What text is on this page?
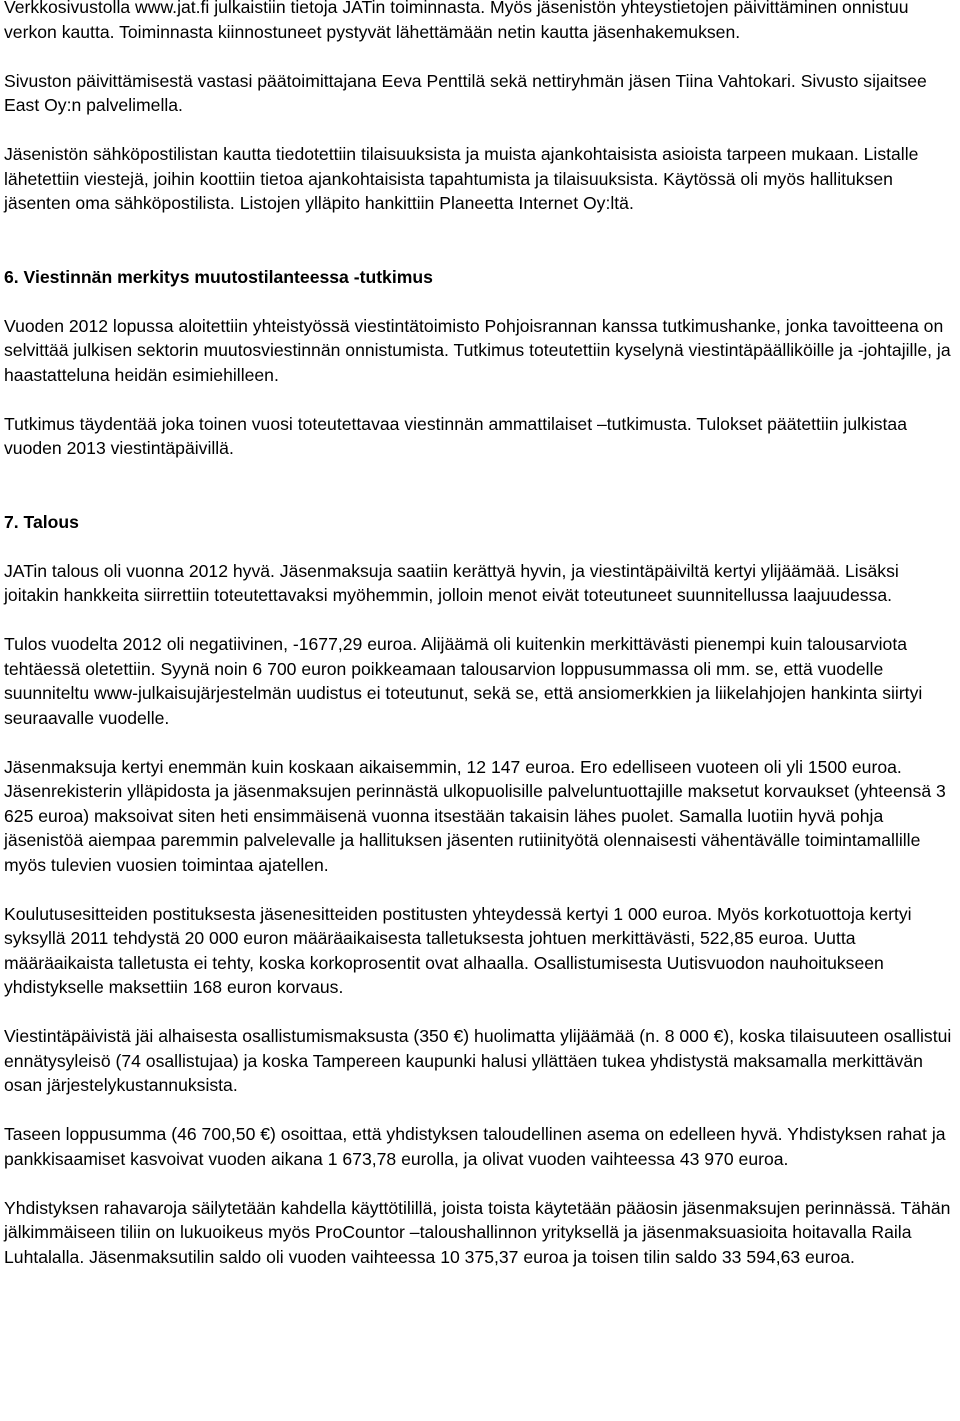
Verkkosivustolla www.jat.fi julkaistiin tietoja JATin toiminnasta. Myös jäsenistön yhteystietojen päivittäminen onnistuu verkon kautta. Toiminnasta kiinnostuneet pystyvät lähettämään netin kautta jäsenhakemuksen.

Sivuston päivittämisestä vastasi päätoimittajana Eeva Penttilä sekä nettiryhmän jäsen Tiina Vahtokari. Sivusto sijaitsee East Oy:n palvelimella.

Jäsenistön sähköpostilistan kautta tiedotettiin tilaisuuksista ja muista ajankohtaisista asioista tarpeen mukaan. Listalle lähetettiin viestejä, joihin koottiin tietoa ajankohtaisista tapahtumista ja tilaisuuksista. Käytössä oli myös hallituksen jäsenten oma sähköpostilista. Listojen ylläpito hankittiin Planeetta Internet Oy:ltä.

6. Viestinnän merkitys muutostilanteessa -tutkimus

Vuoden 2012 lopussa aloitettiin yhteistyössä viestintätoimisto Pohjoisrannan kanssa tutkimushanke, jonka tavoitteena on selvittää julkisen sektorin muutosviestinnän onnistumista. Tutkimus toteutettiin kyselynä viestintäpäälliköille ja -johtajille, ja haastatteluna heidän esimiehilleen.

Tutkimus täydentää joka toinen vuosi toteutettavaa viestinnän ammattilaiset –tutkimusta. Tulokset päätettiin julkistaa vuoden 2013 viestintäpäivillä.

7. Talous

JATin talous oli vuonna 2012 hyvä. Jäsenmaksuja saatiin kerättyä hyvin, ja viestintäpäiviltä kertyi ylijäämää. Lisäksi joitakin hankkeita siirrettiin toteutettavaksi myöhemmin, jolloin menot eivät toteutuneet suunnitellussa laajuudessa.

Tulos vuodelta 2012 oli negatiivinen, -1677,29 euroa. Alijäämä oli kuitenkin merkittävästi pienempi kuin talousarviota tehtäessä oletettiin. Syynä noin 6 700 euron poikkeamaan talousarvion loppusummassa oli mm. se, että vuodelle suunniteltu www-julkaisujärjestelmän uudistus ei toteutunut, sekä se, että ansiomerkkien ja liikelahjojen hankinta siirtyi seuraavalle vuodelle.

Jäsenmaksuja kertyi enemmän kuin koskaan aikaisemmin, 12 147 euroa. Ero edelliseen vuoteen oli yli 1500 euroa. Jäsenrekisterin ylläpidosta ja jäsenmaksujen perinnästä ulkopuolisille palveluntuottajille maksetut korvaukset (yhteensä 3 625 euroa) maksoivat siten heti ensimmäisenä vuonna itsestään takaisin lähes puolet. Samalla luotiin hyvä pohja jäsenistöä aiempaa paremmin palvelevalle ja hallituksen jäsenten rutiinityötä olennaisesti vähentävälle toimintamallille myös tulevien vuosien toimintaa ajatellen.

Koulutusesitteiden postituksesta jäsenesitteiden postitusten yhteydessä kertyi 1 000 euroa. Myös korkotuottoja kertyi syksyllä 2011 tehdystä 20 000 euron määräaikaisesta talletuksesta johtuen merkittävästi, 522,85 euroa. Uutta määräaikaista talletusta ei tehty, koska korkoprosentit ovat alhaalla. Osallistumisesta Uutisvuodon nauhoitukseen yhdistykselle maksettiin 168 euron korvaus.

Viestintäpäivistä jäi alhaisesta osallistumismaksusta (350 €) huolimatta ylijäämää (n. 8 000 €), koska tilaisuuteen osallistui ennätysyleisö (74 osallistujaa) ja koska Tampereen kaupunki halusi yllättäen tukea yhdistystä maksamalla merkittävän osan järjestelykustannuksista.

Taseen loppusumma (46 700,50 €) osoittaa, että yhdistyksen taloudellinen asema on edelleen hyvä. Yhdistyksen rahat ja pankkisaamiset kasvoivat vuoden aikana 1 673,78 eurolla, ja olivat vuoden vaihteessa 43 970 euroa.

Yhdistyksen rahavaroja säilytetään kahdella käyttötilillä, joista toista käytetään pääosin jäsenmaksujen perinnässä. Tähän jälkimmäiseen tiliin on lukuoikeus myös ProCountor –taloushallinnon yrityksellä ja jäsenmaksuasioita hoitavalla Raila Luhtalalla. Jäsenmaksutilin saldo oli vuoden vaihteessa 10 375,37 euroa ja toisen tilin saldo 33 594,63 euroa.
